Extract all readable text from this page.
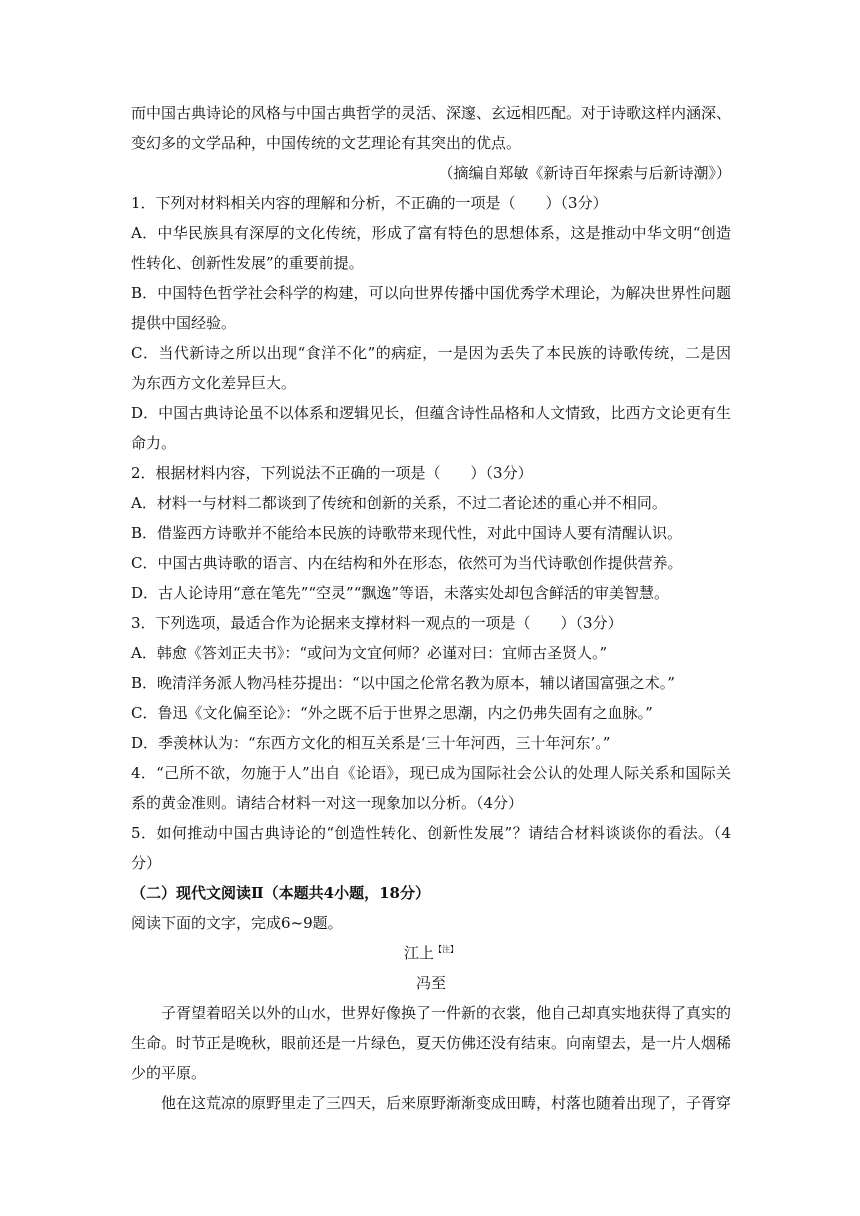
而中国古典诗论的风格与中国古典哲学的灵活、深邃、玄远相匹配。对于诗歌这样内涵深、
变幻多的文学品种，中国传统的文艺理论有其突出的优点。
（摘编自郑敏《新诗百年探索与后新诗潮》）
1．下列对材料相关内容的理解和分析，不正确的一项是（　　）（3分）
A．中华民族具有深厚的文化传统，形成了富有特色的思想体系，这是推动中华文明“创造
性转化、创新性发展”的重要前提。
B．中国特色哲学社会科学的构建，可以向世界传播中国优秀学术理论，为解决世界性问题
提供中国经验。
C．当代新诗之所以出现“食洋不化”的病症，一是因为丢失了本民族的诗歌传统，二是因
为东西方文化差异巨大。
D．中国古典诗论虽不以体系和逻辑见长，但蕴含诗性品格和人文情致，比西方文论更有生
命力。
2．根据材料内容，下列说法不正确的一项是（　　）（3分）
A．材料一与材料二都谈到了传统和创新的关系，不过二者论述的重心并不相同。
B．借鉴西方诗歌并不能给本民族的诗歌带来现代性，对此中国诗人要有清醒认识。
C．中国古典诗歌的语言、内在结构和外在形态，依然可为当代诗歌创作提供营养。
D．古人论诗用“意在笔先”“空灵”“飘逸”等语，未落实处却包含鲜活的审美智慧。
3．下列选项，最适合作为论据来支撑材料一观点的一项是（　　）（3分）
A．韩愈《答刘正夫书》：“或问为文宜何师？必谨对曰：宜师古圣贤人。”
B．晚清洋务派人物冯桂芬提出：“以中国之伦常名教为原本，辅以诸国富强之术。”
C．鲁迅《文化偏至论》：“外之既不后于世界之思潮，内之仍弗失固有之血脉。”
D．季羡林认为：“东西方文化的相互关系是‘三十年河西，三十年河东’。”
4．“己所不欲，勿施于人”出自《论语》，现已成为国际社会公认的处理人际关系和国际关
系的黄金准则。请结合材料一对这一现象加以分析。（4分）
5．如何推动中国古典诗论的“创造性转化、创新性发展”？请结合材料谈谈你的看法。（4
分）
（二）现代文阅读Ⅱ（本题共4小题，18分）
阅读下面的文字，完成6~9题。
江上$^{【注】}$
冯至
子胥望着昭关以外的山水，世界好像换了一件新的衣裳，他自己却真实地获得了真实的
生命。时节正是晚秋，眼前还是一片绿色，夏天仿佛还没有结束。向南望去，是一片人烟稀
少的平原。
他在这荒凉的原野里走了三四天，后来原野渐渐变成田畴，村落也随着出现了，子胥穿
